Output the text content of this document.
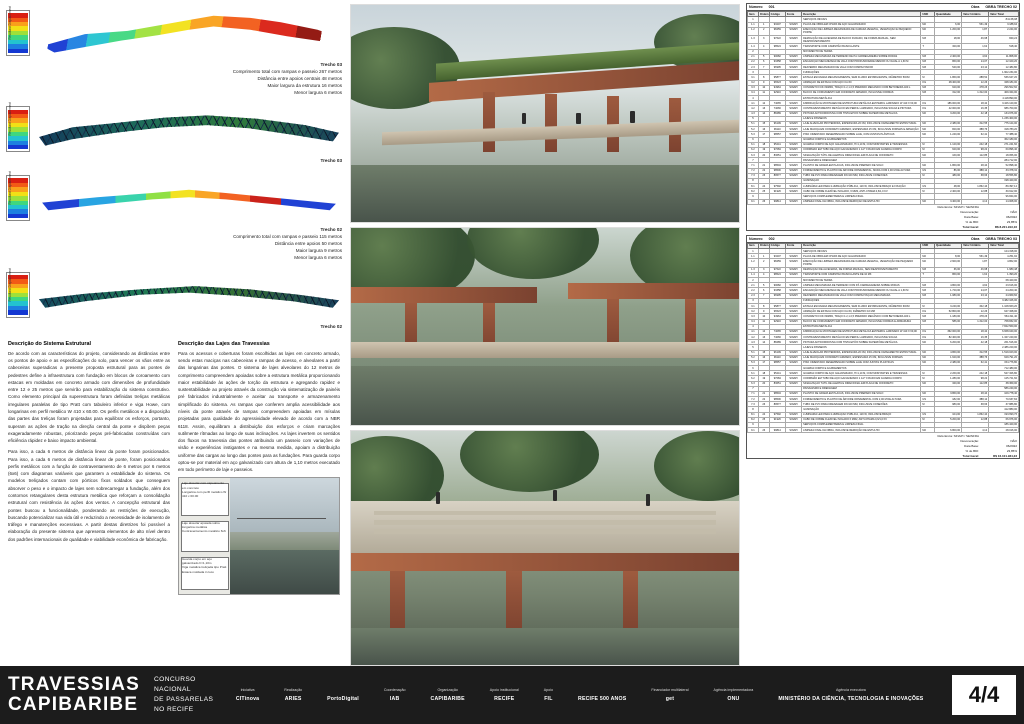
Resultant Displacement
Trecho 03
Comprimento total com rampas e passeio 267 metros
Distância entre apoios centrais 48 metros
Maior largura da estrutura 16 metros
Menor largura 6 metros
Resultant Displacement
Trecho 03
Resultant Displacement
Trecho 02
Comprimento total com rampas e passeio 115 metros
Distância entre apoios 50 metros
Maior largura 9 metros
Menor largura 6 metros
Resultant Displacement
Trecho 02
Descrição do Sistema Estrutural

De acordo com as características do projeto, considerando as distâncias entre os pontos de apoio e as especificações do solo, para vencer os vãos entre as cabeceiras superadicas a presente proposta estrutural para as pontes de pedestres define a infraestrutura com fundação em blocos de coroamento com estacas em moldadas em concreto armado com dimensões de profundidade entre 12 e 25 metros que servirão para estabilização do sistema construtivo. Como elemento principal da superestrutura foram definidas treliças metálicas irregulares paralelas de tipo Pratt com tabuleiro inferior e viga Howe, com longarinas em perfil metálico W 410 x 60.00. Os perfis metálicos e a disposição das partes das treliças foram projetadas para equilibrar os esforços, portanto, superam as ações de tração na direção central da ponte e dispõem peças exageradamente robustas, priorizando peças pré-fabricadas construídas com eficiência rápidez e baixo impacto ambiental.

Para isso, a cada 6 metros de distância linear da ponte foram posicionados. Para isso, a cada 6 metros de distância linear de ponte, foram posicionados perfis metálicos com a função de contraventamento de 6 metros por 6 metros (6x6) com diagramas variáveis que garantem a estabilidade do sistema. Os modelos treliçados contam com pórticos fixos soldados que conseguem absorver o peso e o impacto de lajes sem sobrecarregar a fundação, além dos contornos retangulares desta estrutura metálica que reforçam a consolidação estrutural com resistência às ações dos ventos. A concepção estrutural das pontes buscou a funcionalidade, ponderando as restrições de execução, buscando potencializar sua vida útil e reduzindo a necessidade de isolamento de tráfego e manutenções excessivas. A partir destas diretrizes foi possível a elaboração do presente sistema que apresenta elementos de alto nível dentro dos padrões internacionais de qualidade e viabilidade econômica de fabricação.

Descrição das Lajes das Travessias

Para os acessos e coberturas foram escolhidas as lajes em concreto armado, sendo estas maciças nas cabeceiras e rampas de acesso, e alveolares a partir das longarinas das pontes. O sistema de lajes alveolares do 12 metros de comprimento compreendem apoiadas sobre a estrutura metálica proporcionando maior estabilidade às ações de torção da estrutura e agregando rapidez e sustentabilidade ao projeto através da construção via sistematização de painéis pré fabricados industrialmente e aceitar ao transporte e armazenamento simplificado do sistema. As rampas que conferem amplia acessibilidade aos níveis da ponte através de rampas compreendem apoiadas em mísulas projetadas para qualidade do agressividade elevado de acordo com a NBR 6118. Assim, equilibram a distribuição dos esforços e criam marcações sutilmente rítmadas ao longo de suas inclinações. As lajes invertem os sentidos dos fluxos na travessia das pontes atribuindo um passeio com variações de visão e experiências instigantes e na mesma medida, apoiam a distribuição uniforme das cargas ao longo das pontes para as fundações. Para guarda corpo optou-se por material em aço galvanizado com altura de 1,10 metros executado em todo perímetro de laje e passeios.

Laje alveolar com capeamento em concreto
Longarina com perfil metálico W 410 x 60.00
Laje alveolar apoiada sobre longarina metálica
Contraventamento metálico 6x6
Guarda corpo em aço galvanizado h=1,10m
Viga metálica treliçada tipo Pratt
Estaca moldada in loco
Número 001	Obra OBRA TRECHO 02
Item	Ordem	Código	Fonte	Descrição	UND	Quantidade	Valor Unitário	Valor Total
1				SERVIÇOS INICIAIS				841.68,08
1.1	1	93207	SINAPI	PLACA DE OBRA EM CHAPA DE AÇO GALVANIZADO	M2	6,00	531,49	3.188,94
1.2	2	98459	SINAPI	EXECUÇÃO DE LIMPEZA MECANIZADA DE CAMADA VEGETAL, VEGETAÇÃO E PEQUENO PORTE	M2	1.200,00	1,87	2.244,00
1.3	3	97622	SINAPI	DEMOLIÇÃO DE ALVENARIA DE BLOCO FURADO, DE FORMA MANUAL, SEM REAPROVEITAMENTO	M3	18,00	46,68	840,24
1.4	4	98524	SINAPI	TRANSPORTE COM CAMINHÃO BASCULANTE	T	320,00	1,62	518,40
2				MOVIMENTO DE TERRA				
2.1	5	90082	SINAPI	LIMPEZA MECANIZADA DE TERRENO DE PÁ CARREGADEIRA SOBRE RODAS	M3	2.400,00	4,92	11.808,00
2.2	6	93358	SINAPI	ESCAVAÇÃO MECANIZADA DE VALA COM PROFUNDIDADE MENOR OU IGUAL A 1,30 M	M3	860,00	14,07	12.100,20
2.3	7	96995	SINAPI	REATERRO MECANIZADO DE VALA COM COMPACTADOR	M3	540,00	23,12	12.484,80
3				FUNDAÇÕES				1.902.234,00
3.1	8	95877	SINAPI	ESTACA ESCAVADA MECANICAMENTE, SEM FLUIDO ESTABILIZANTE, DIÂMETRO 50CM	M	1.860,00	288,52	536.647,20
3.2	9	96523	SINAPI	ARMAÇÃO DE ESTACA COM AÇO CA-50	KG	28.400,00	12,26	348.184,00
3.3	10	94964	SINAPI	CONCRETO FCK=30MPA, TRAÇO 1:2,1:2,5 PREPARO MECÂNICO COM BETONEIRA 400 L	M3	620,00	478,23	296.502,60
3.4	11	92916	SINAPI	BLOCO DE COROAMENTO EM CONCRETO ARMADO, INCLUSIVE FORMAS	M3	312,00	1.312,00	409.344,00
4				ESTRUTURA METÁLICA				4.118.890,00
4.1	12	74065	SINAPI	FABRICAÇÃO E MONTAGEM DE ESTRUTURA METÁLICA EM PERFIL LAMINADO W 410 X 60,00	KG	186.000,00	18,42	3.426.120,00
4.2	13	74066	SINAPI	CONTRAVENTAMENTO METÁLICO EM PERFIL LAMINADO, INCLUSIVE SOLDA E PINTURA	KG	42.000,00	16,35	686.700,00
4.3	14	88489	SINAPI	PINTURA ANTICORROSIVA COM TINTA EPÓXI SOBRE SUPERFÍCIE METÁLICA	M2	3.200,00	42,18	134.976,00
5				LAJES E PASSEIOS				1.236.400,00
5.1	15	96109	SINAPI	LAJE ALVEOLAR PROTENDIDA, ESPESSURA 20 CM, INCLUSIVE CAPEAMENTO ESTRUTURAL	M2	2.480,00	312,55	775.124,00
5.2	16	96110	SINAPI	LAJE MACIÇA EM CONCRETO ARMADO, ESPESSURA 15 CM, INCLUSIVE FORMAS E ARMAÇÃO	M2	820,00	388,76	318.783,20
5.3	17	98557	SINAPI	PISO CIMENTADO DESEMPENADO SOBRE LAJE, COM JUNTAS PLÁSTICAS	M2	1.240,00	62,41	77.388,40
6				GUARDA CORPO E ACABAMENTOS				362.180,00
6.1	18	95241	SINAPI	GUARDA CORPO DE AÇO GALVANIZADO, H=1,10 M, COM MONTANTES E TRAVESSAS	M	1.120,00	242,18	271.241,60
6.2	19	97084	SINAPI	CORRIMÃO EM TUBO DE AÇO GALVANIZADO 1 1/2" FIXADO EM GUARDA CORPO	M	620,00	98,22	60.896,40
6.3	20	83651	SINAPI	SINALIZAÇÃO TÁTIL DE ALERTA E DIRECIONAL EM PLACA DE CONCRETO	M2	160,00	112,85	18.056,00
7				PAISAGISMO E DRENAGEM				284.712,00
7.1	21	98504	SINAPI	PLANTIO DE GRAMA EM PLACAS, INCLUSIVE PREPARO DE SOLO	M2	1.860,00	28,44	52.898,40
7.2	22	98506	SINAPI	FORNECIMENTO E PLANTIO DE ÁRVORE ORNAMENTAL, MUDA COM 2,00 M DE ALTURA	UN	86,00	388,12	33.378,32
7.3	23	89577	SINAPI	TUBO DE PVC PARA DRENAGEM DN 100 MM, INCLUSIVE CONEXÕES	M	480,00	38,66	18.556,80
8				ILUMINAÇÃO				198.420,00
8.1	24	97592	SINAPI	LUMINÁRIA LED PARA ILUMINAÇÃO PÚBLICA, 120 W, INCLUSIVE BRAÇO E FIXAÇÃO	UN	48,00	1.862,44	89.397,12
8.2	25	91926	SINAPI	CABO DE COBRE FLEXÍVEL ISOLADO, 6 MM2, ANTI-CHAMA 0,6/1,0 KV	M	2.400,00	12,88	30.912,00
9				SERVIÇOS COMPLEMENTARES E LIMPEZA FINAL				96.844,00
9.1	26	99814	SINAPI	LIMPEZA FINAL DA OBRA, INCLUSIVE REMOÇÃO DE ENTULHO	M2	3.400,00	4,12	14.008,00
Referência: SINAPI / SEINFRA
Desoneração:	NÃO
Data Base:	06/2022
% de BDI:	23,85%
Total Geral:	R$ 8.221.913,16
Número 002	Obra OBRA TRECHO 03
Item	Ordem	Código	Fonte	Descrição	UND	Quantidade	Valor Unitário	Valor Total
1				SERVIÇOS INICIAIS				124.318,00
1.1	1	93207	SINAPI	PLACA DE OBRA EM CHAPA DE AÇO GALVANIZADO	M2	8,00	531,49	4.251,92
1.2	2	98459	SINAPI	EXECUÇÃO DE LIMPEZA MECANIZADA DE CAMADA VEGETAL, VEGETAÇÃO DE PEQUENO PORTE	M2	2.600,00	1,87	4.862,00
1.3	3	97622	SINAPI	DEMOLIÇÃO DE ALVENARIA, DE FORMA MANUAL, SEM REAPROVEITAMENTO	M3	36,00	46,68	1.680,48
1.4	4	98524	SINAPI	TRANSPORTE COM CAMINHÃO BASCULANTE DE 10 M3	T	860,00	1,62	1.393,20
2				MOVIMENTO DE TERRA				68.420,00
2.1	5	90082	SINAPI	LIMPEZA MECANIZADA DE TERRENO COM PÁ CARREGADEIRA SOBRE RODAS	M3	4.800,00	4,92	23.616,00
2.2	6	93358	SINAPI	ESCAVAÇÃO MECANIZADA DE VALA COM PROFUNDIDADE MENOR OU IGUAL A 1,30 M	M3	1.720,00	14,07	24.200,40
2.3	7	96995	SINAPI	REATERRO MECANIZADO DE VALA COM COMPACTAÇÃO MECANIZADA	M3	1.080,00	23,12	24.969,60
3				FUNDAÇÕES				3.482.106,00
3.1	8	95877	SINAPI	ESTACA ESCAVADA MECANICAMENTE, SEM FLUIDO ESTABILIZANTE, DIÂMETRO 60CM	M	3.240,00	342,18	1.108.663,20
3.2	9	96523	SINAPI	ARMAÇÃO DE ESTACA COM AÇO CA-50, DIÂMETRO 16 MM	KG	52.800,00	12,26	647.328,00
3.3	10	94964	SINAPI	CONCRETO FCK=30MPA, TRAÇO 1:2,1:2,5 PREPARO MECÂNICO COM BETONEIRA 400 L	M3	1.180,00	478,23	564.311,40
3.4	11	92916	SINAPI	BLOCO DE COROAMENTO EM CONCRETO ARMADO, INCLUSIVE FORMAS E ARMADURA	M3	586,00	1.312,00	768.832,00
4				ESTRUTURA METÁLICA				7.842.560,00
4.1	12	74065	SINAPI	FABRICAÇÃO E MONTAGEM DE ESTRUTURA METÁLICA EM PERFIL LAMINADO W 410 X 60,00	KG	362.000,00	18,42	6.668.040,00
4.2	13	74066	SINAPI	CONTRAVENTAMENTO METÁLICO EM PERFIL LAMINADO, INCLUSIVE SOLDA	KG	82.400,00	16,35	1.347.240,00
4.3	14	88489	SINAPI	PINTURA ANTICORROSIVA COM TINTA EPÓXI SOBRE SUPERFÍCIE METÁLICA	M2	6.200,00	42,18	261.516,00
5				LAJES E PASSEIOS				2.486.220,00
5.1	15	96109	SINAPI	LAJE ALVEOLAR PROTENDIDA, ESPESSURA 20 CM, INCLUSIVE CAPEAMENTO ESTRUTURAL	M2	4.860,00	312,55	1.519.023,00
5.2	16	96110	SINAPI	LAJE MACIÇA EM CONCRETO ARMADO, ESPESSURA 15 CM, INCLUSIVE FORMAS	M2	1.620,00	388,76	629.791,20
5.3	17	98557	SINAPI	PISO CIMENTADO DESEMPENADO SOBRE LAJE COM JUNTAS PLÁSTICAS	M2	2.480,00	62,41	154.776,80
6				GUARDA CORPO E ACABAMENTOS				712.480,00
6.1	18	95241	SINAPI	GUARDA CORPO DE AÇO GALVANIZADO, H=1,10 M, COM MONTANTES E TRAVESSAS	M	2.260,00	242,18	547.326,80
6.2	19	97084	SINAPI	CORRIMÃO EM TUBO DE AÇO GALVANIZADO 1 1/2" FIXADO EM GUARDA CORPO	M	1.280,00	98,22	125.721,60
6.3	20	83651	SINAPI	SINALIZAÇÃO TÁTIL DE ALERTA E DIRECIONAL EM PLACA DE CONCRETO	M2	340,00	112,85	38.369,00
7				PAISAGISMO E DRENAGEM				586.240,00
7.1	21	98504	SINAPI	PLANTIO DE GRAMA EM PLACAS, INCLUSIVE PREPARO DE SOLO	M2	3.860,00	28,44	109.778,40
7.2	22	98506	SINAPI	FORNECIMENTO E PLANTIO DE ÁRVORE ORNAMENTAL COM 2,00 M DE ALTURA	UN	182,00	388,12	70.637,84
7.3	23	89577	SINAPI	TUBO DE PVC PARA DRENAGEM DN 100 MM, INCLUSIVE CONEXÕES	M	980,00	38,66	37.886,80
8				ILUMINAÇÃO				412.880,00
8.1	24	97592	SINAPI	LUMINÁRIA LED PARA ILUMINAÇÃO PÚBLICA, 120 W, INCLUSIVE BRAÇO	UN	104,00	1.862,44	193.693,76
8.2	25	91926	SINAPI	CABO DE COBRE FLEXÍVEL ISOLADO 6 MM2, ANTI-CHAMA 0,6/1,0 KV	M	5.200,00	12,88	66.976,00
9				SERVIÇOS COMPLEMENTARES E LIMPEZA FINAL				186.420,00
9.1	26	99814	SINAPI	LIMPEZA FINAL DA OBRA, INCLUSIVE REMOÇÃO DE ENTULHO	M2	6.800,00	4,12	28.016,00
Referência: SINAPI / SEINFRA
Desoneração:	NÃO
Data Base:	06/2022
% de BDI:	23,85%
Total Geral:	R$ 16.101.934,23
TRAVESSIAS
CAPIBARIBE
CONCURSO
NACIONAL
DE PASSARELAS
NO RECIFE
Iniciativa
CITinova
Realização
ARIES	PortoDigital
Coordenação
IAB
Organização
CAPIBARIBE
Apoio institucional
RECIFE
Apoio
FIL	RECIFE 500 ANOS
Financiador multilateral
get
Agência implementadora
ONU
Agência executora
MINISTÉRIO DA CIÊNCIA, TECNOLOGIA E INOVAÇÕES	4/4
